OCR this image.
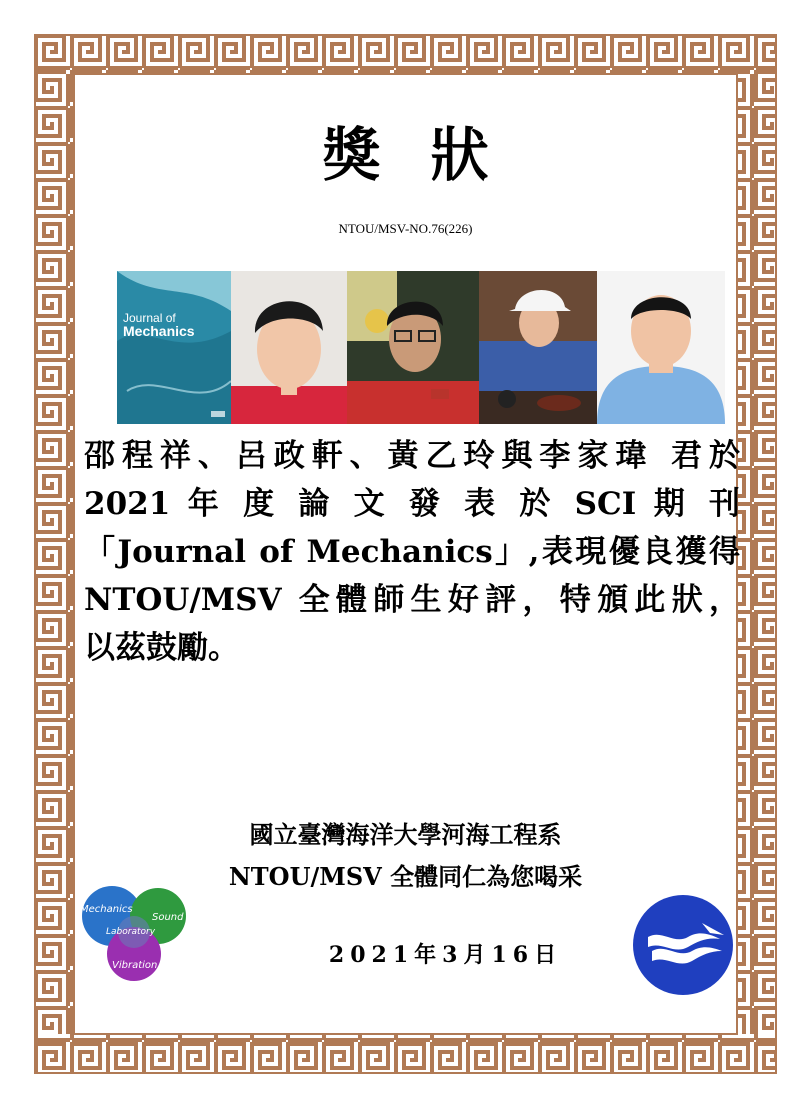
獎狀
NTOU/MSV-NO.76(226)
Journal of
Mechanics
邵程祥、呂政軒、黃乙玲與李家瑋 君於
2021 年 度 論 文 發 表 於 SCI 期 刊
「Journal of Mechanics」,表現優良獲得
NTOU/MSV 全體師生好評，特頒此狀，
以茲鼓勵。
國立臺灣海洋大學河海工程系
NTOU/MSV 全體同仁為您喝采
Mechanics
Sound
Laboratory
Vibration	2021年3月16日
